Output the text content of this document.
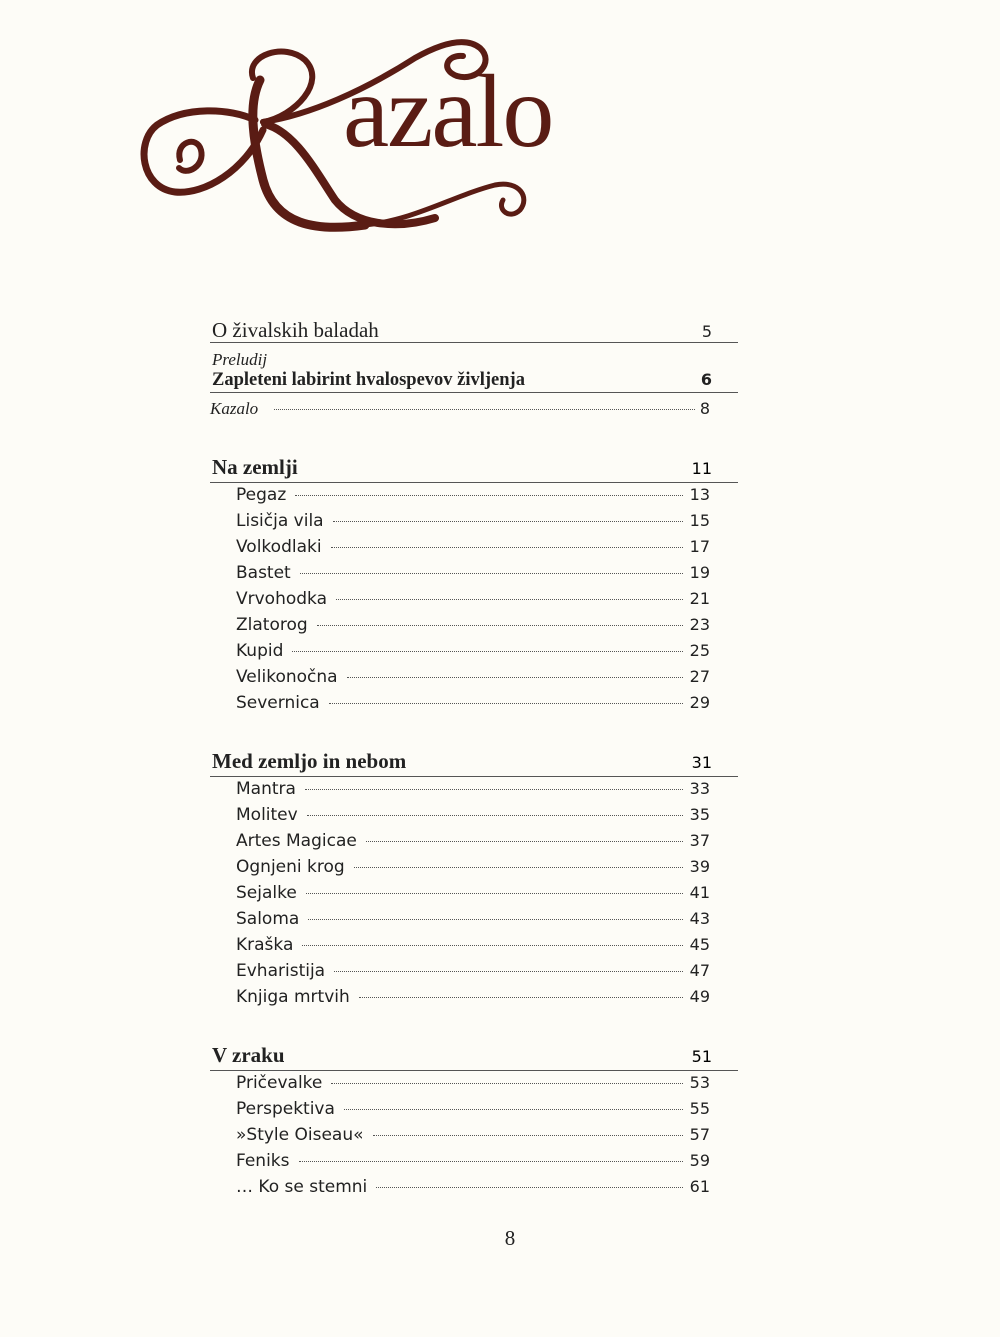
azalo
O živalskih baladah	5
Preludij
Zapleteni labirint hvalospevov življenja	6
Kazalo	8
Na zemlji	11
Pegaz	13
Lisičja vila	15
Volkodlaki	17
Bastet	19
Vrvohodka	21
Zlatorog	23
Kupid	25
Velikonočna	27
Severnica	29
Med zemljo in nebom	31
Mantra	33
Molitev	35
Artes Magicae	37
Ognjeni krog	39
Sejalke	41
Saloma	43
Kraška	45
Evharistija	47
Knjiga mrtvih	49
V zraku	51
Pričevalke	53
Perspektiva	55
»Style Oiseau«	57
Feniks	59
… Ko se stemni	61
8
